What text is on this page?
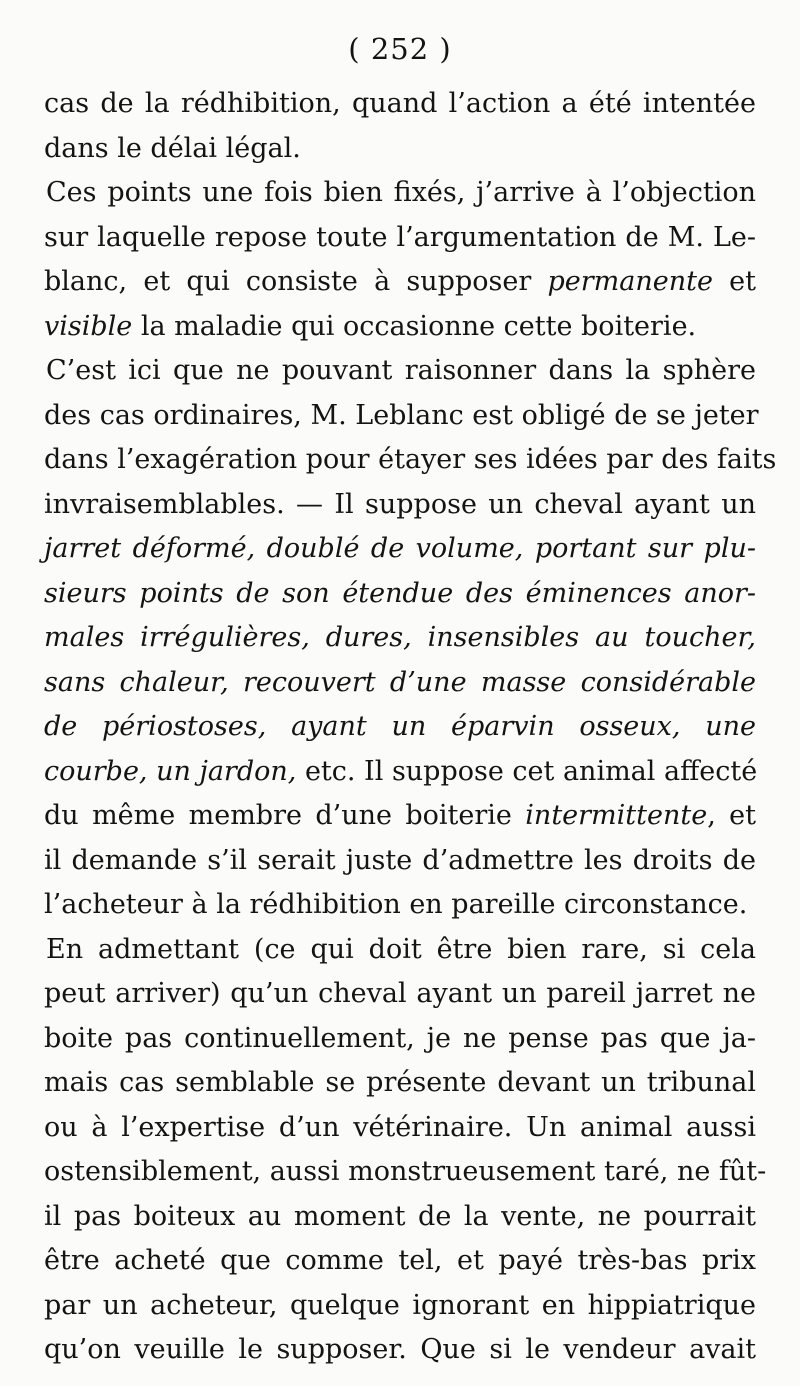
( 252 )
cas de la rédhibition, quand l’action a été intentée
dans le délai légal.
Ces points une fois bien fixés, j’arrive à l’objection
sur laquelle repose toute l’argumentation de M. Le-
blanc, et qui consiste à supposer permanente et
visible la maladie qui occasionne cette boiterie.
C’est ici que ne pouvant raisonner dans la sphère
des cas ordinaires, M. Leblanc est obligé de se jeter
dans l’exagération pour étayer ses idées par des faits
invraisemblables. — Il suppose un cheval ayant un
jarret déformé, doublé de volume, portant sur plu-
sieurs points de son étendue des éminences anor-
males irrégulières, dures, insensibles au toucher,
sans chaleur, recouvert d’une masse considérable
de périostoses, ayant un éparvin osseux, une
courbe, un jardon, etc. Il suppose cet animal affecté
du même membre d’une boiterie intermittente, et
il demande s’il serait juste d’admettre les droits de
l’acheteur à la rédhibition en pareille circonstance.
En admettant (ce qui doit être bien rare, si cela
peut arriver) qu’un cheval ayant un pareil jarret ne
boite pas continuellement, je ne pense pas que ja-
mais cas semblable se présente devant un tribunal
ou à l’expertise d’un vétérinaire. Un animal aussi
ostensiblement, aussi monstrueusement taré, ne fût-
il pas boiteux au moment de la vente, ne pourrait
être acheté que comme tel, et payé très-bas prix
par un acheteur, quelque ignorant en hippiatrique
qu’on veuille le supposer. Que si le vendeur avait
